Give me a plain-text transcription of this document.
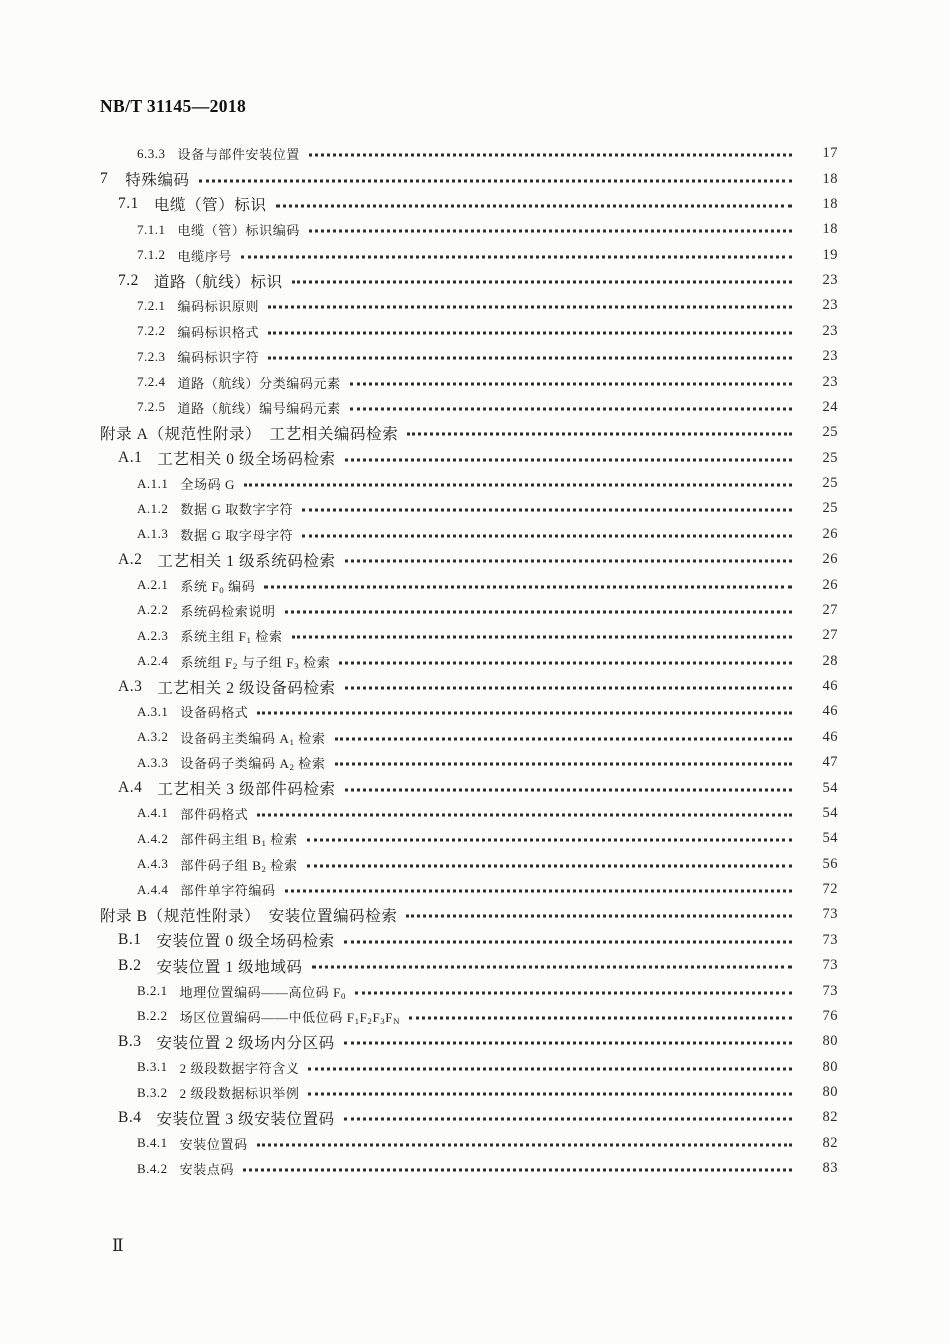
NB/T 31145—2018
6.3.3 设备与部件安装位置	17
7 特殊编码	18
7.1 电缆（管）标识	18
7.1.1 电缆（管）标识编码	18
7.1.2 电缆序号	19
7.2 道路（航线）标识	23
7.2.1 编码标识原则	23
7.2.2 编码标识格式	23
7.2.3 编码标识字符	23
7.2.4 道路（航线）分类编码元素	23
7.2.5 道路（航线）编号编码元素	24
附录 A（规范性附录）　工艺相关编码检索	25
A.1 工艺相关 0 级全场码检索	25
A.1.1 全场码 G	25
A.1.2 数据 G 取数字字符	25
A.1.3 数据 G 取字母字符	26
A.2 工艺相关 1 级系统码检索	26
A.2.1 系统 $F_0$ 编码	26
A.2.2 系统码检索说明	27
A.2.3 系统主组 $F_1$ 检索	27
A.2.4 系统组 $F_2$ 与子组 $F_3$ 检索	28
A.3 工艺相关 2 级设备码检索	46
A.3.1 设备码格式	46
A.3.2 设备码主类编码 $A_1$ 检索	46
A.3.3 设备码子类编码 $A_2$ 检索	47
A.4 工艺相关 3 级部件码检索	54
A.4.1 部件码格式	54
A.4.2 部件码主组 $B_1$ 检索	54
A.4.3 部件码子组 $B_2$ 检索	56
A.4.4 部件单字符编码	72
附录 B（规范性附录）　安装位置编码检索	73
B.1 安装位置 0 级全场码检索	73
B.2 安装位置 1 级地域码	73
B.2.1 地理位置编码——高位码 $F_0$	73
B.2.2 场区位置编码——中低位码 $F_1F_2F_3F_N$	76
B.3 安装位置 2 级场内分区码	80
B.3.1 2 级段数据字符含义	80
B.3.2 2 级段数据标识举例	80
B.4 安装位置 3 级安装位置码	82
B.4.1 安装位置码	82
B.4.2 安装点码	83
Ⅱ
